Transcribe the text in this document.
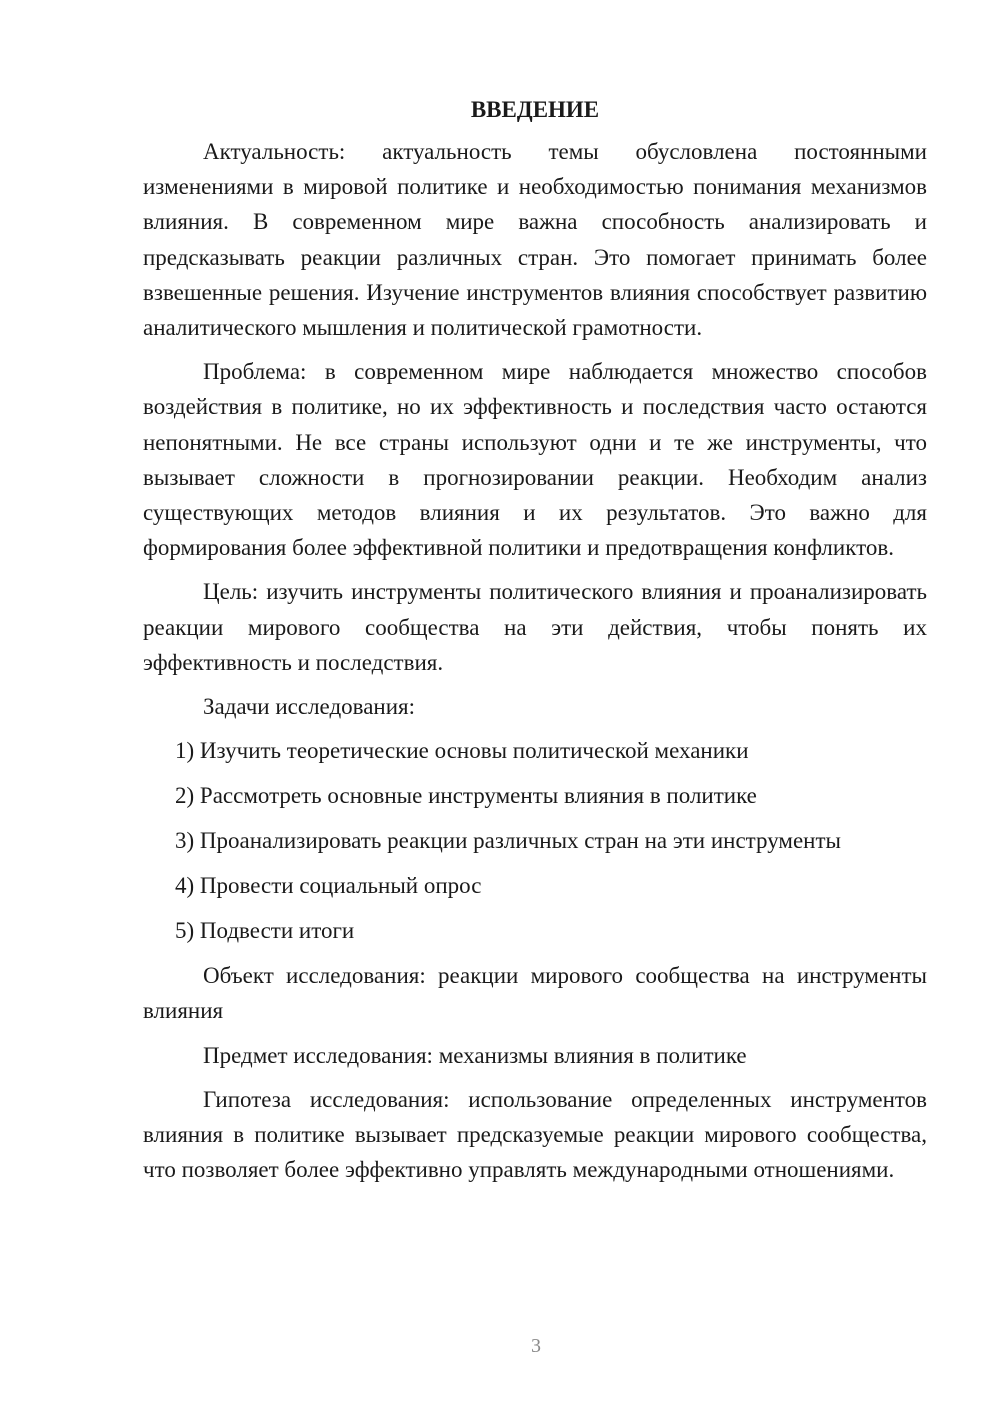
ВВЕДЕНИЕ

Актуальность: актуальность темы обусловлена постоянными изменениями в мировой политике и необходимостью понимания механизмов влияния. В современном мире важна способность анализировать и предсказывать реакции различных стран. Это помогает принимать более взвешенные решения. Изучение инструментов влияния способствует развитию аналитического мышления и политической грамотности.

Проблема: в современном мире наблюдается множество способов воздействия в политике, но их эффективность и последствия часто остаются непонятными. Не все страны используют одни и те же инструменты, что вызывает сложности в прогнозировании реакции. Необходим анализ существующих методов влияния и их результатов. Это важно для формирования более эффективной политики и предотвращения конфликтов.

Цель: изучить инструменты политического влияния и проанализировать реакции мирового сообщества на эти действия, чтобы понять их эффективность и последствия.

Задачи исследования:

1) Изучить теоретические основы политической механики
2) Рассмотреть основные инструменты влияния в политике
3) Проанализировать реакции различных стран на эти инструменты
4) Провести социальный опрос
5) Подвести итоги

Объект исследования: реакции мирового сообщества на инструменты влияния

Предмет исследования: механизмы влияния в политике

Гипотеза исследования: использование определенных инструментов влияния в политике вызывает предсказуемые реакции мирового сообщества, что позволяет более эффективно управлять международными отношениями.

3
